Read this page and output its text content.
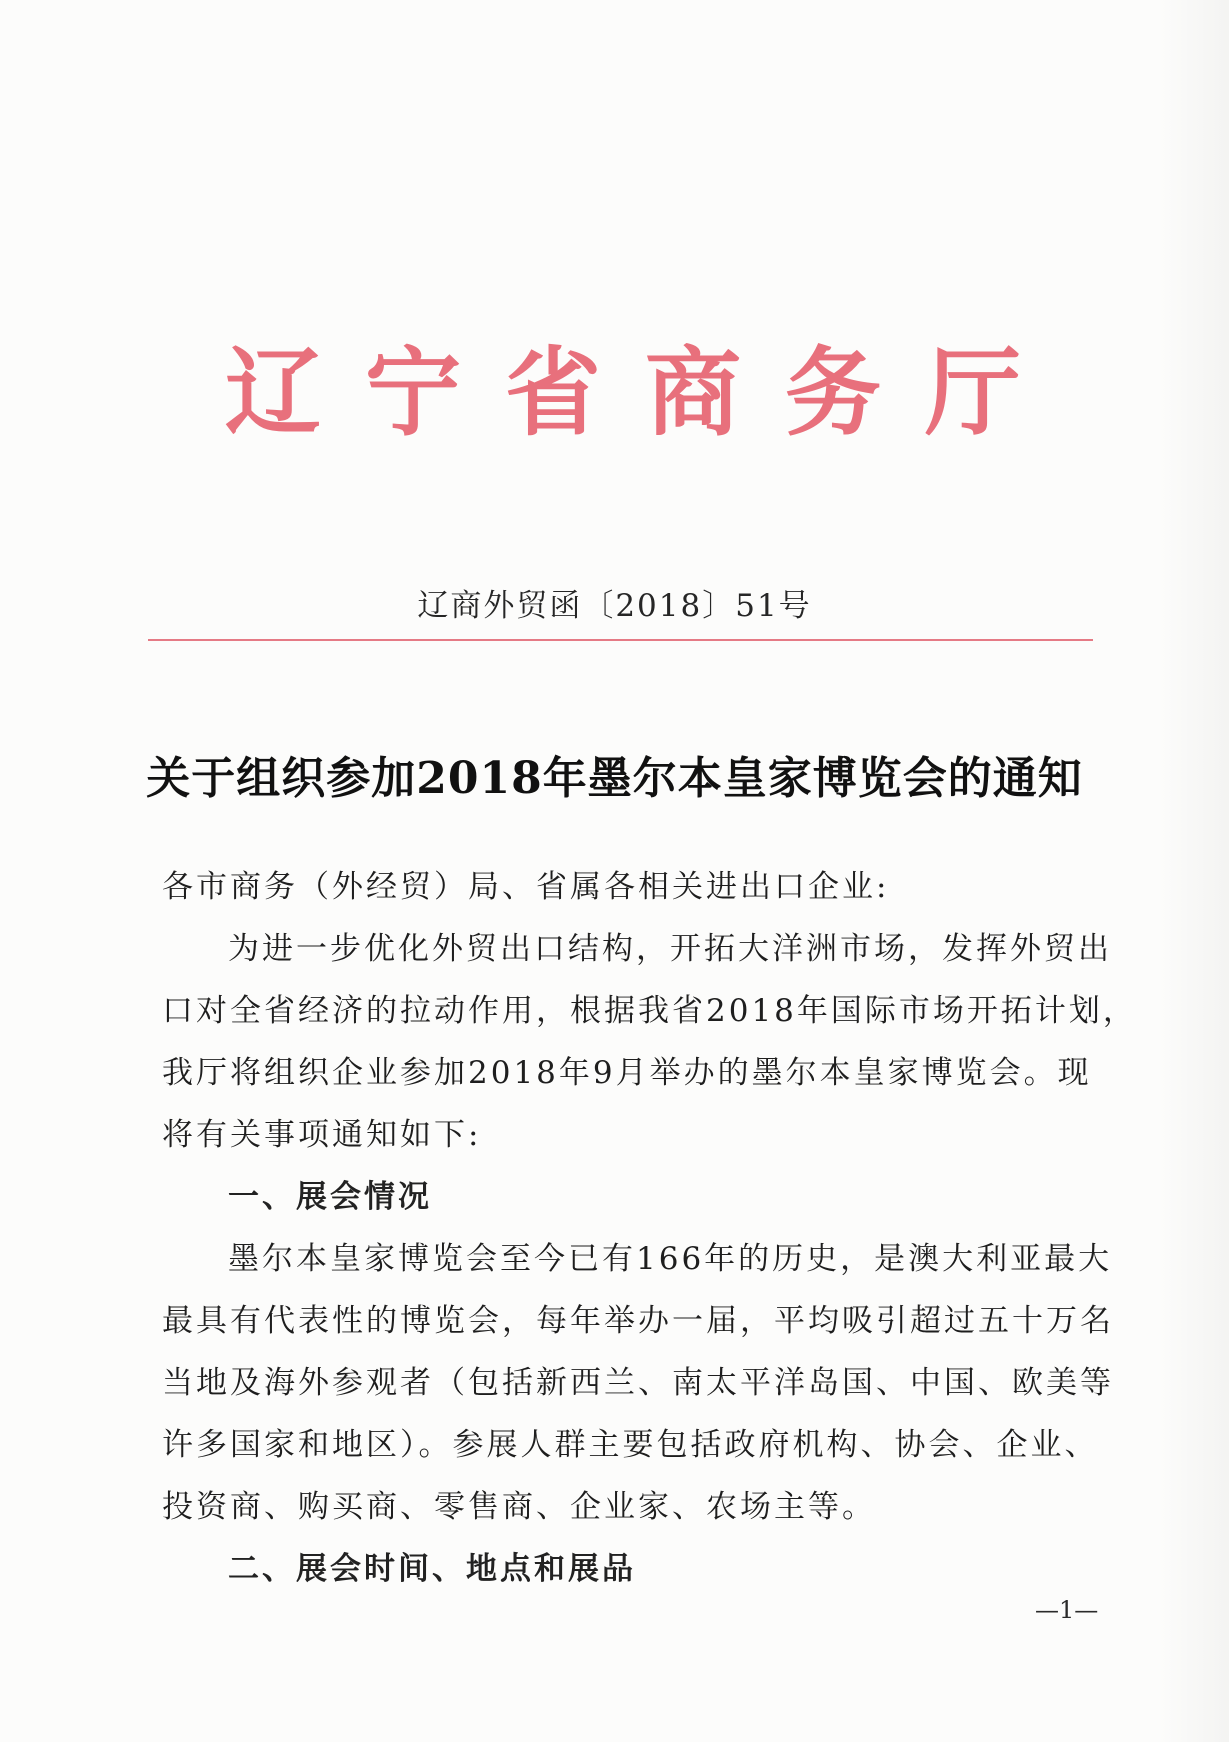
辽宁省商务厅
辽商外贸函〔2018〕51号
关于组织参加2018年墨尔本皇家博览会的通知
各市商务（外经贸）局、省属各相关进出口企业:
为进一步优化外贸出口结构，开拓大洋洲市场，发挥外贸出
口对全省经济的拉动作用，根据我省2018年国际市场开拓计划，
我厅将组织企业参加2018年9月举办的墨尔本皇家博览会。现
将有关事项通知如下:
一、展会情况
墨尔本皇家博览会至今已有166年的历史，是澳大利亚最大
最具有代表性的博览会，每年举办一届，平均吸引超过五十万名
当地及海外参观者（包括新西兰、南太平洋岛国、中国、欧美等
许多国家和地区）。参展人群主要包括政府机构、协会、企业、
投资商、购买商、零售商、企业家、农场主等。
二、展会时间、地点和展品
—1—
